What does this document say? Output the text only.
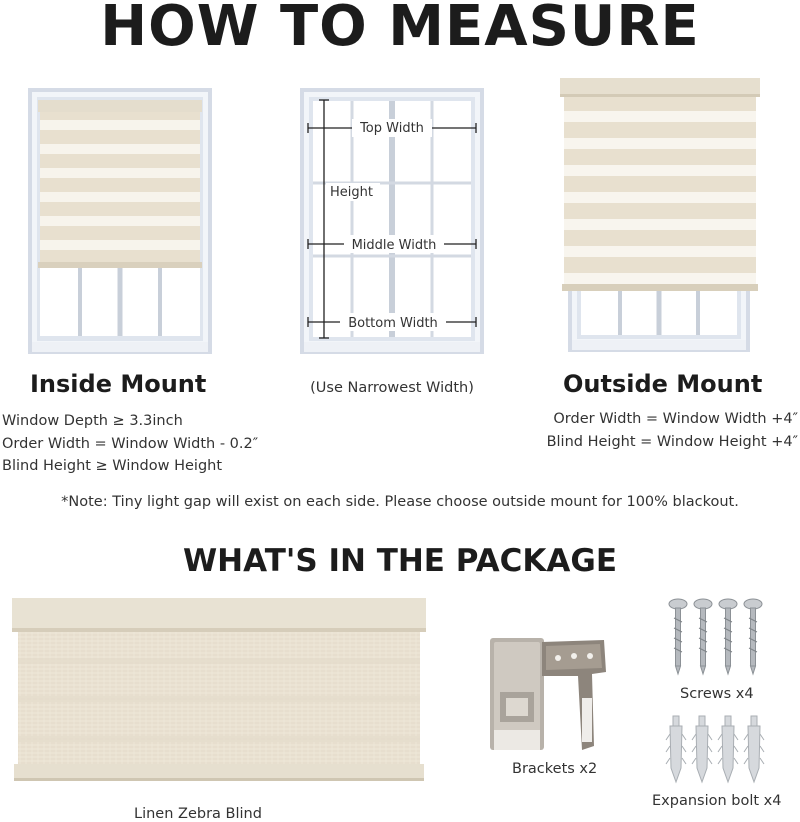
HOW TO MEASURE
Top Width
Height
Middle Width
Bottom Width
Inside Mount	(Use Narrowest Width)	Outside Mount
Window Depth ≥ 3.3inch
Order Width = Window Width - 0.2″
Blind Height ≥ Window Height
Order Width = Window Width +4″
Blind Height = Window Height +4″
*Note: Tiny light gap will exist on each side. Please choose outside mount for 100% blackout.
WHAT'S IN THE PACKAGE
Linen Zebra Blind
Brackets x2
Screws x4
Expansion bolt x4
